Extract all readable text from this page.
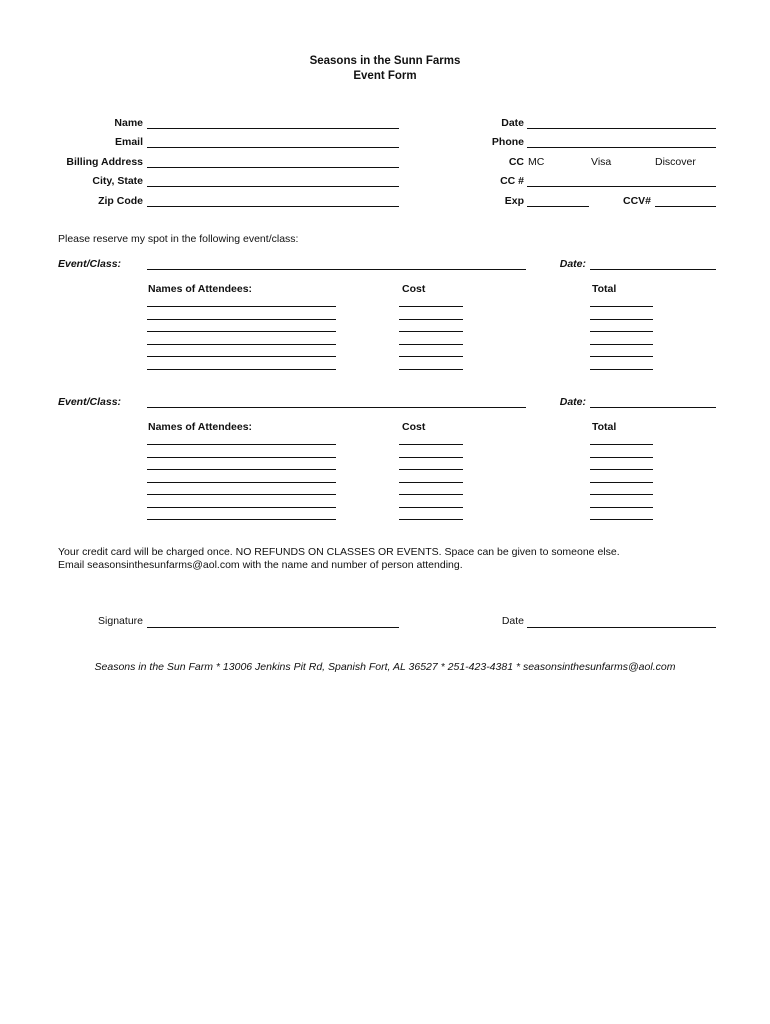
Seasons in the Sunn Farms
Event Form
Name
Email
Billing Address
City, State
Zip Code
Date
Phone
CC MC	Visa	Discover
CC #
Exp	CCV#
Please reserve my spot in the following event/class:
Event/Class:	Date:
Names of Attendees:	Cost	Total
Event/Class:	Date:
Names of Attendees:	Cost	Total
Your credit card will be charged once. NO REFUNDS ON CLASSES OR EVENTS. Space can be given to someone else.
Email seasonsinthesunfarms@aol.com with the name and number of person attending.
Signature	Date
Seasons in the Sun Farm * 13006 Jenkins Pit Rd, Spanish Fort, AL 36527 * 251-423-4381 * seasonsinthesunfarms@aol.com
